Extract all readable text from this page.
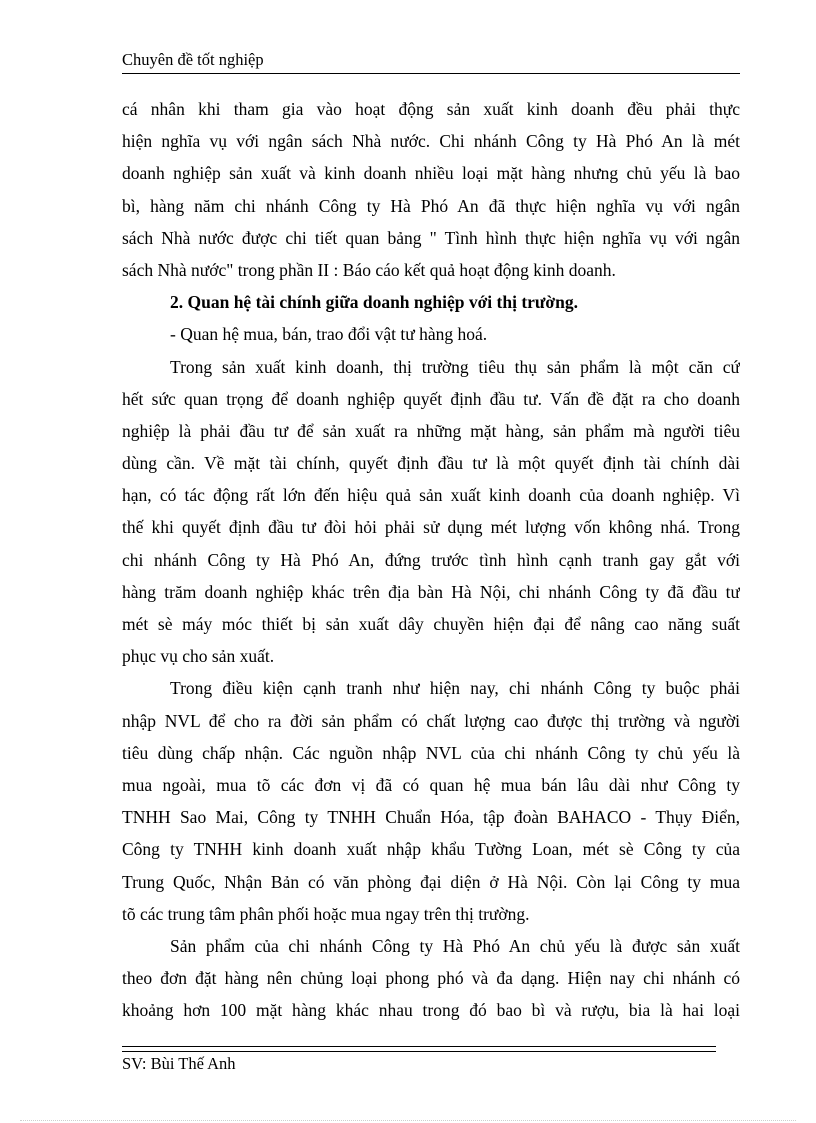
Chuyên đề tốt nghiệp
cá nhân khi tham gia vào hoạt động sản xuất kinh doanh đều phải thực
hiện nghĩa vụ với ngân sách Nhà nước. Chi nhánh Công ty Hà Phó An là mét
doanh nghiệp sản xuất và kinh doanh nhiều loại mặt hàng nhưng chủ yếu là bao
bì, hàng năm chi nhánh Công ty Hà Phó An đã thực hiện nghĩa vụ với ngân
sách Nhà nước được chi tiết quan bảng " Tình hình thực hiện nghĩa vụ với ngân
sách Nhà nước" trong phần II : Báo cáo kết quả hoạt động kinh doanh.
2. Quan hệ tài chính giữa doanh nghiệp với thị trường.
- Quan hệ mua, bán, trao đổi vật tư hàng hoá.
Trong sản xuất kinh doanh, thị trường tiêu thụ sản phẩm là một căn cứ
hết sức quan trọng để doanh nghiệp quyết định đầu tư. Vấn đề đặt ra cho doanh
nghiệp là phải đầu tư để sản xuất ra những mặt hàng, sản phẩm mà người tiêu
dùng cần. Về mặt tài chính, quyết định đầu tư là một quyết định tài chính dài
hạn, có tác động rất lớn đến hiệu quả sản xuất kinh doanh của doanh nghiệp. Vì
thế khi quyết định đầu tư đòi hỏi phải sử dụng mét lượng vốn không nhá. Trong
chi nhánh Công ty Hà Phó An, đứng trước tình hình cạnh tranh gay gắt với
hàng trăm doanh nghiệp khác trên địa bàn Hà Nội, chi nhánh Công ty đã đầu tư
mét sè máy móc thiết bị sản xuất dây chuyền hiện đại để nâng cao năng suất
phục vụ cho sản xuất.
Trong điều kiện cạnh tranh như hiện nay, chi nhánh Công ty buộc phải
nhập NVL để cho ra đời sản phẩm có chất lượng cao được thị trường và người
tiêu dùng chấp nhận. Các nguồn nhập NVL của chi nhánh Công ty chủ yếu là
mua ngoài, mua tõ các đơn vị đã có quan hệ mua bán lâu dài như Công ty
TNHH Sao Mai, Công ty TNHH Chuẩn Hóa, tập đoàn BAHACO - Thụy Điển,
Công ty TNHH kinh doanh xuất nhập khẩu Tường Loan, mét sè Công ty của
Trung Quốc, Nhận Bản có văn phòng đại diện ở Hà Nội. Còn lại Công ty mua
tõ các trung tâm phân phối hoặc mua ngay trên thị trường.
Sản phẩm của chi nhánh Công ty Hà Phó An chủ yếu là được sản xuất
theo đơn đặt hàng nên chủng loại phong phó và đa dạng. Hiện nay chi nhánh có
khoảng hơn 100 mặt hàng khác nhau trong đó bao bì và rượu, bia là hai loại
SV: Bùi Thế Anh
